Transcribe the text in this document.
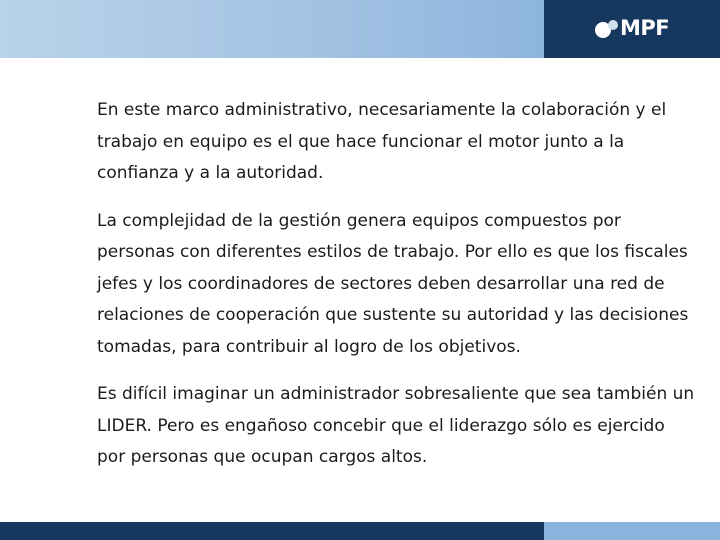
MPF

En este marco administrativo, necesariamente la colaboración y el trabajo en equipo es el que hace funcionar el motor junto a la confianza y a la autoridad.

La complejidad de la gestión genera equipos compuestos por personas con diferentes estilos de trabajo. Por ello es que los fiscales jefes y los coordinadores de sectores deben desarrollar una red de relaciones de cooperación que sustente su autoridad y las decisiones tomadas, para contribuir al logro de los objetivos.

Es difícil imaginar un administrador sobresaliente que sea también un LIDER. Pero es engañoso concebir que el liderazgo sólo es ejercido por personas que ocupan cargos altos.
